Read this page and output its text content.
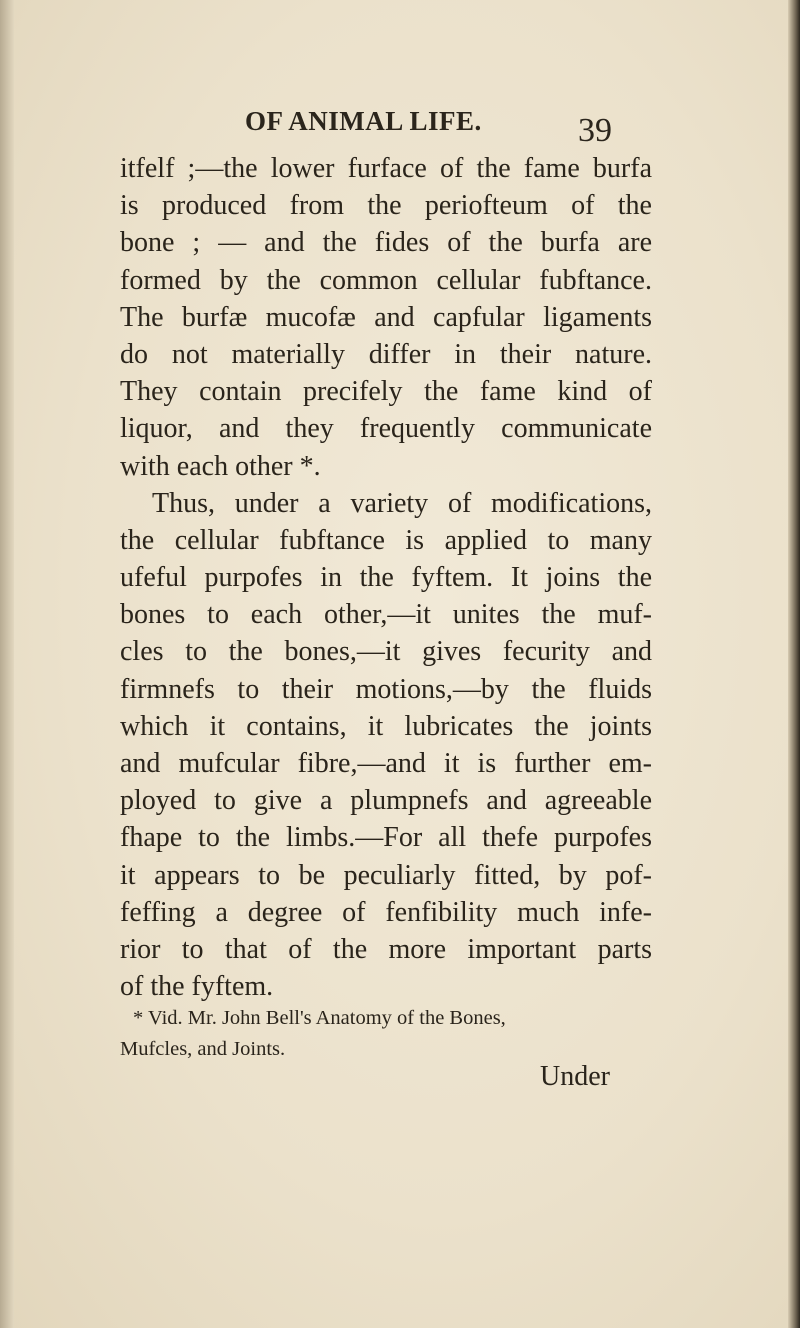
OF ANIMAL LIFE.	39
itfelf ;—the lower furface of the fame burfa
is produced from the periofteum of the
bone ; — and the fides of the burfa are
formed by the common cellular fubftance.
The burfæ mucofæ and capfular ligaments
do not materially differ in their nature.
They contain precifely the fame kind of
liquor, and they frequently communicate
with each other *.
Thus, under a variety of modifications,
the cellular fubftance is applied to many
ufeful purpofes in the fyftem. It joins the
bones to each other,—it unites the muf-
cles to the bones,—it gives fecurity and
firmnefs to their motions,—by the fluids
which it contains, it lubricates the joints
and mufcular fibre,—and it is further em-
ployed to give a plumpnefs and agreeable
fhape to the limbs.—For all thefe purpofes
it appears to be peculiarly fitted, by pof-
feffing a degree of fenfibility much infe-
rior to that of the more important parts
of the fyftem.
* Vid. Mr. John Bell's Anatomy of the Bones,
Mufcles, and Joints.
Under
